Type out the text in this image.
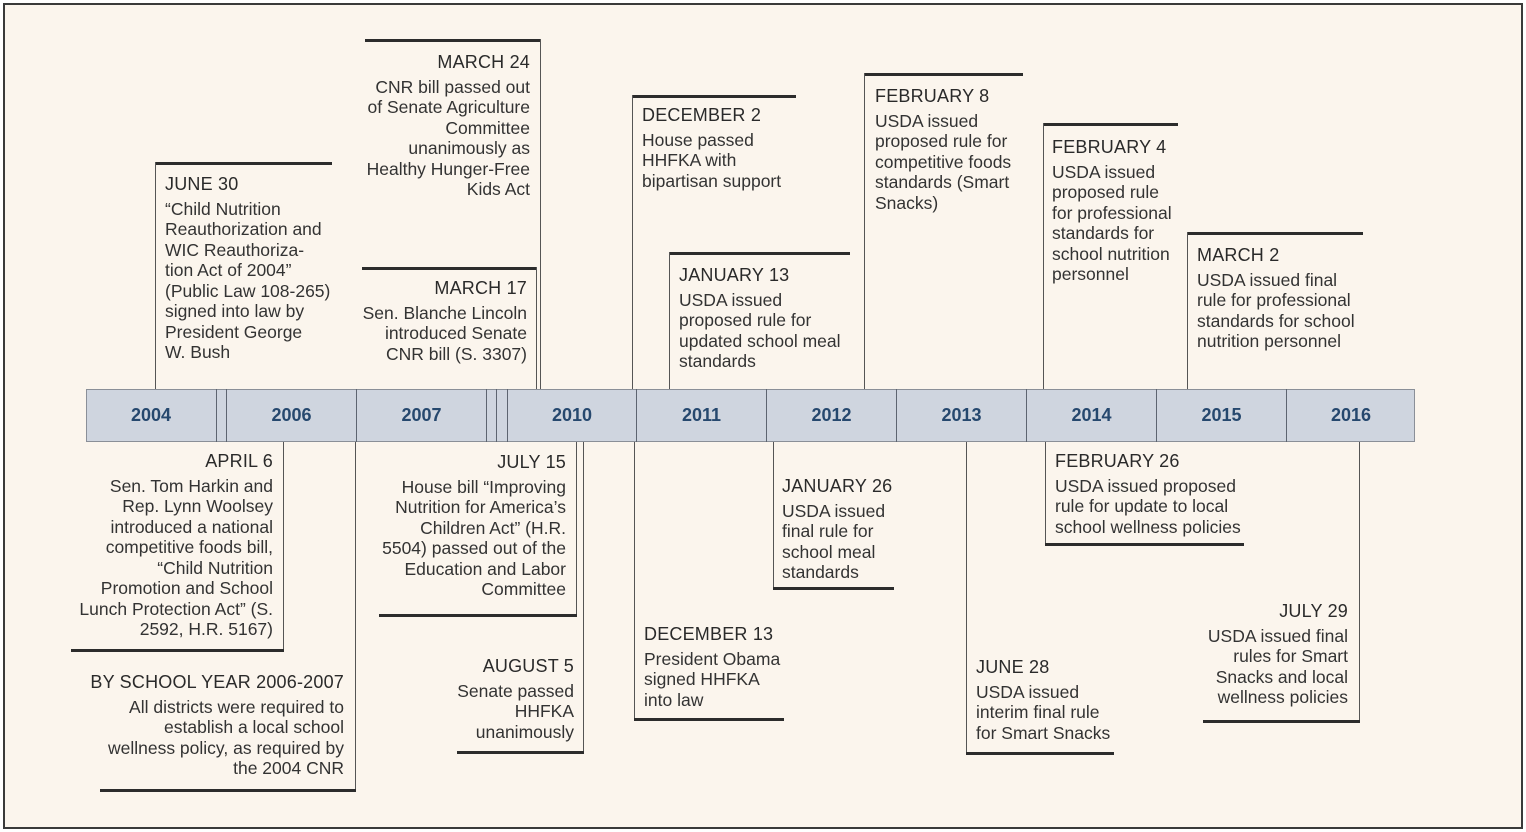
2004	2006	2007	2010	2011	2012	2013	2014	2015	2016
JUNE 30
“Child Nutrition
Reauthorization and
WIC Reauthoriza-
tion Act of 2004”
(Public Law 108-265)
signed into law by
President George
W. Bush
MARCH 24
CNR bill passed out
of Senate Agriculture
Committee
unanimously as
Healthy Hunger-Free
Kids Act
MARCH 17
Sen. Blanche Lincoln
introduced Senate
CNR bill (S. 3307)
DECEMBER 2
House passed
HHFKA with
bipartisan support
JANUARY 13
USDA issued
proposed rule for
updated school meal
standards
FEBRUARY 8
USDA issued
proposed rule for
competitive foods
standards (Smart
Snacks)
FEBRUARY 4
USDA issued
proposed rule
for professional
standards for
school nutrition
personnel
MARCH 2
USDA issued final
rule for professional
standards for school
nutrition personnel
APRIL 6
Sen. Tom Harkin and
Rep. Lynn Woolsey
introduced a national
competitive foods bill,
“Child Nutrition
Promotion and School
Lunch Protection Act” (S.
2592, H.R. 5167)
BY SCHOOL YEAR 2006-2007
All districts were required to
establish a local school
wellness policy, as required by
the 2004 CNR
JULY 15
House bill “Improving
Nutrition for America’s
Children Act” (H.R.
5504) passed out of the
Education and Labor
Committee
AUGUST 5
Senate passed
HHFKA
unanimously
DECEMBER 13
President Obama
signed HHFKA
into law
JANUARY 26
USDA issued
final rule for
school meal
standards
JUNE 28
USDA issued
interim final rule
for Smart Snacks
FEBRUARY 26
USDA issued proposed
rule for update to local
school wellness policies
JULY 29
USDA issued final
rules for Smart
Snacks and local
wellness policies
